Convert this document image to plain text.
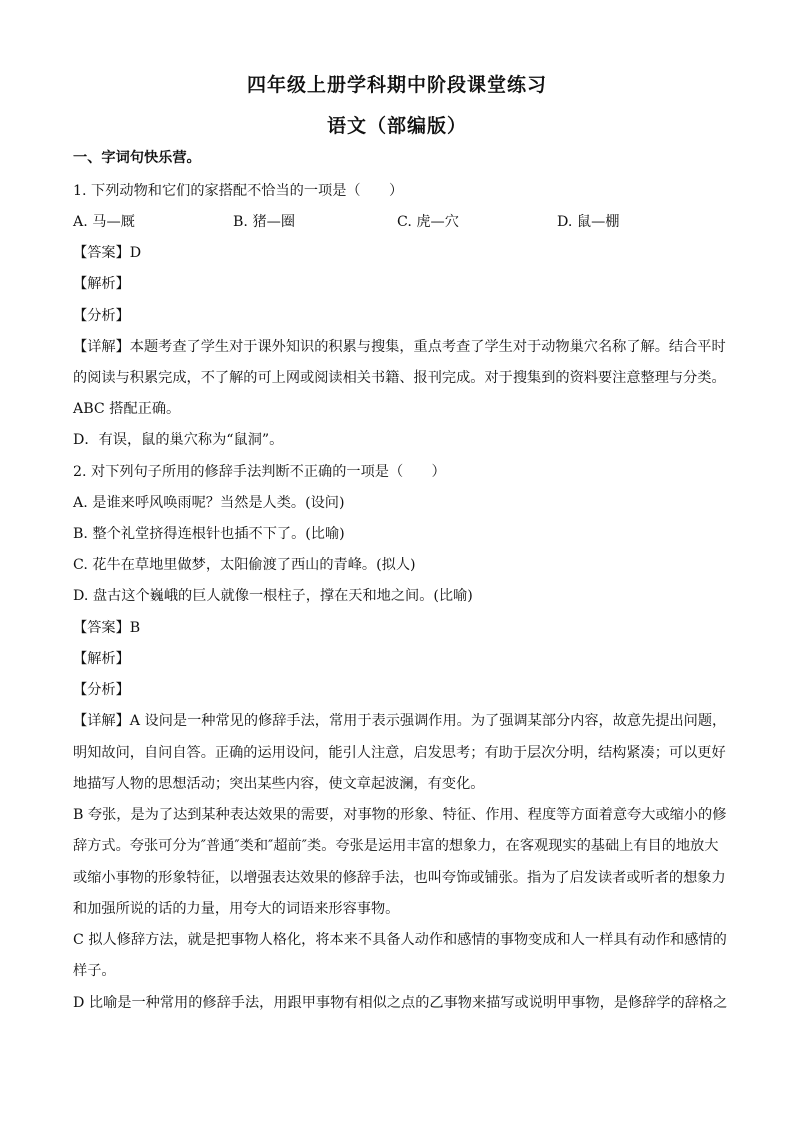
四年级上册学科期中阶段课堂练习
语文（部编版）
一、字词句快乐营。
1. 下列动物和它们的家搭配不恰当的一项是（　　）
A. 马—厩	B. 猪—圈	C. 虎—穴	D. 鼠—棚
【答案】D
【解析】
【分析】
【详解】本题考查了学生对于课外知识的积累与搜集，重点考查了学生对于动物巢穴名称了解。结合平时
的阅读与积累完成，不了解的可上网或阅读相关书籍、报刊完成。对于搜集到的资料要注意整理与分类。
ABC 搭配正确。
D．有误，鼠的巢穴称为“鼠洞”。
2. 对下列句子所用的修辞手法判断不正确的一项是（　　）
A. 是谁来呼风唤雨呢？当然是人类。(设问)
B. 整个礼堂挤得连根针也插不下了。(比喻)
C. 花牛在草地里做梦，太阳偷渡了西山的青峰。(拟人)
D. 盘古这个巍峨的巨人就像一根柱子，撑在天和地之间。(比喻)
【答案】B
【解析】
【分析】
【详解】A 设问是一种常见的修辞手法，常用于表示强调作用。为了强调某部分内容，故意先提出问题，
明知故问，自问自答。正确的运用设问，能引人注意，启发思考；有助于层次分明，结构紧凑；可以更好
地描写人物的思想活动；突出某些内容，使文章起波澜，有变化。
B 夸张，是为了达到某种表达效果的需要，对事物的形象、特征、作用、程度等方面着意夸大或缩小的修
辞方式。夸张可分为″普通″类和″超前″类。夸张是运用丰富的想象力，在客观现实的基础上有目的地放大
或缩小事物的形象特征，以增强表达效果的修辞手法，也叫夸饰或铺张。指为了启发读者或听者的想象力
和加强所说的话的力量，用夸大的词语来形容事物。
C 拟人修辞方法，就是把事物人格化，将本来不具备人动作和感情的事物变成和人一样具有动作和感情的
样子。
D 比喻是一种常用的修辞手法，用跟甲事物有相似之点的乙事物来描写或说明甲事物，是修辞学的辞格之
